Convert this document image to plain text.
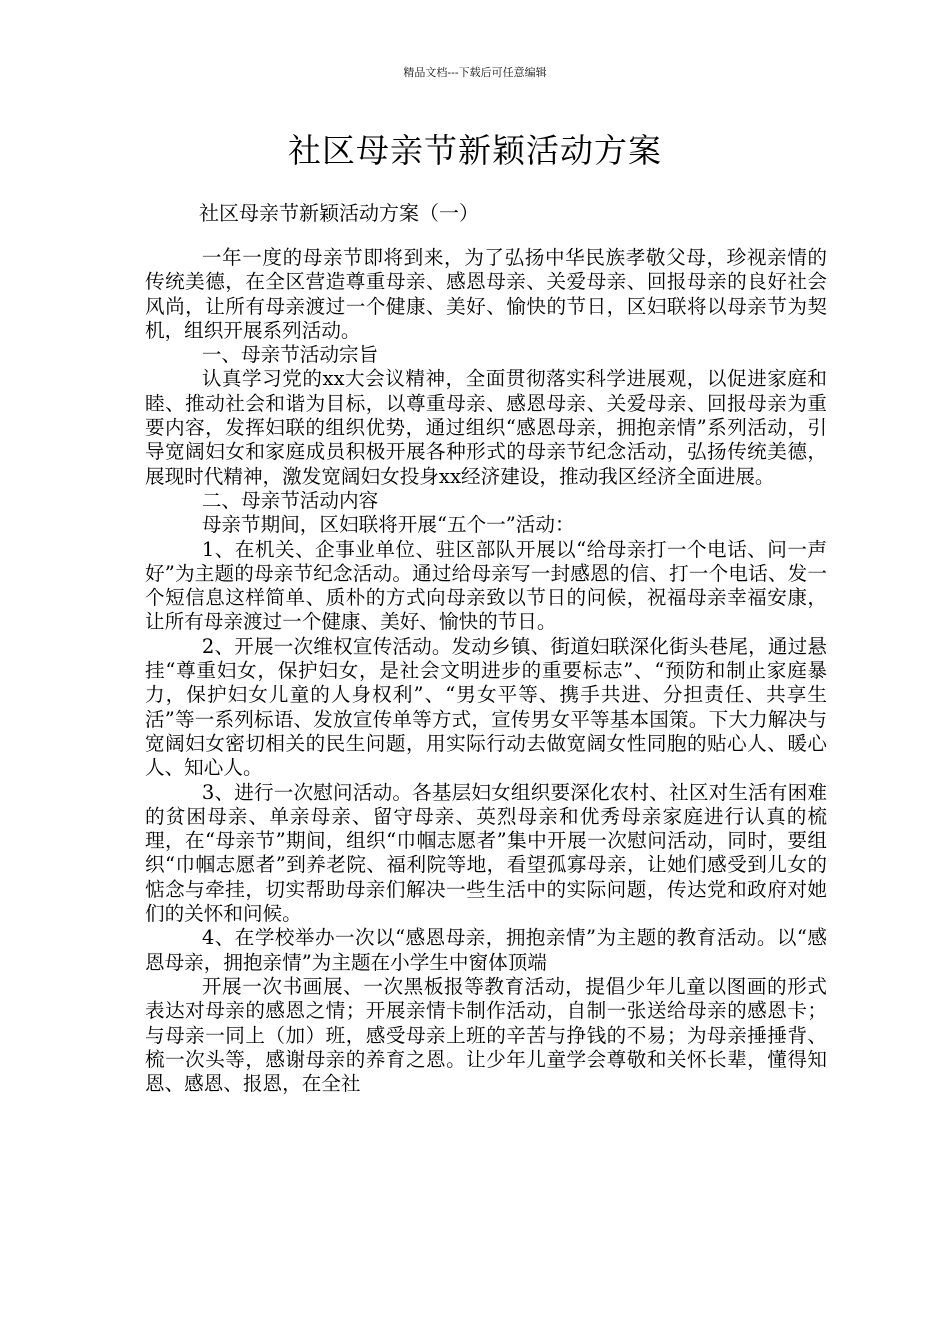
精品文档---下载后可任意编辑
社区母亲节新颖活动方案
社区母亲节新颖活动方案（一）

一年一度的母亲节即将到来，为了弘扬中华民族孝敬父母，珍视亲情的传统美德，在全区营造尊重母亲、感恩母亲、关爱母亲、回报母亲的良好社会风尚，让所有母亲渡过一个健康、美好、愉快的节日，区妇联将以母亲节为契机，组织开展系列活动。

一、母亲节活动宗旨

认真学习党的xx大会议精神，全面贯彻落实科学进展观，以促进家庭和睦、推动社会和谐为目标，以尊重母亲、感恩母亲、关爱母亲、回报母亲为重要内容，发挥妇联的组织优势，通过组织“感恩母亲，拥抱亲情”系列活动，引导宽阔妇女和家庭成员积极开展各种形式的母亲节纪念活动，弘扬传统美德，展现时代精神，激发宽阔妇女投身xx经济建设，推动我区经济全面进展。

二、母亲节活动内容

母亲节期间，区妇联将开展“五个一”活动：

1、在机关、企事业单位、驻区部队开展以“给母亲打一个电话、问一声好”为主题的母亲节纪念活动。通过给母亲写一封感恩的信、打一个电话、发一个短信息这样简单、质朴的方式向母亲致以节日的问候，祝福母亲幸福安康，让所有母亲渡过一个健康、美好、愉快的节日。

2、开展一次维权宣传活动。发动乡镇、街道妇联深化街头巷尾，通过悬挂“尊重妇女，保护妇女，是社会文明进步的重要标志”、“预防和制止家庭暴力，保护妇女儿童的人身权利”、“男女平等、携手共进、分担责任、共享生活”等一系列标语、发放宣传单等方式，宣传男女平等基本国策。下大力解决与宽阔妇女密切相关的民生问题，用实际行动去做宽阔女性同胞的贴心人、暖心人、知心人。

3、进行一次慰问活动。各基层妇女组织要深化农村、社区对生活有困难的贫困母亲、单亲母亲、留守母亲、英烈母亲和优秀母亲家庭进行认真的梳理，在“母亲节”期间，组织“巾帼志愿者”集中开展一次慰问活动，同时，要组织“巾帼志愿者”到养老院、福利院等地，看望孤寡母亲，让她们感受到儿女的惦念与牵挂，切实帮助母亲们解决一些生活中的实际问题，传达党和政府对她们的关怀和问候。

4、在学校举办一次以“感恩母亲，拥抱亲情”为主题的教育活动。以“感恩母亲，拥抱亲情”为主题在小学生中窗体顶端

开展一次书画展、一次黑板报等教育活动，提倡少年儿童以图画的形式表达对母亲的感恩之情；开展亲情卡制作活动，自制一张送给母亲的感恩卡；与母亲一同上（加）班，感受母亲上班的辛苦与挣钱的不易；为母亲捶捶背、梳一次头等，感谢母亲的养育之恩。让少年儿童学会尊敬和关怀长辈，懂得知恩、感恩、报恩，在全社
